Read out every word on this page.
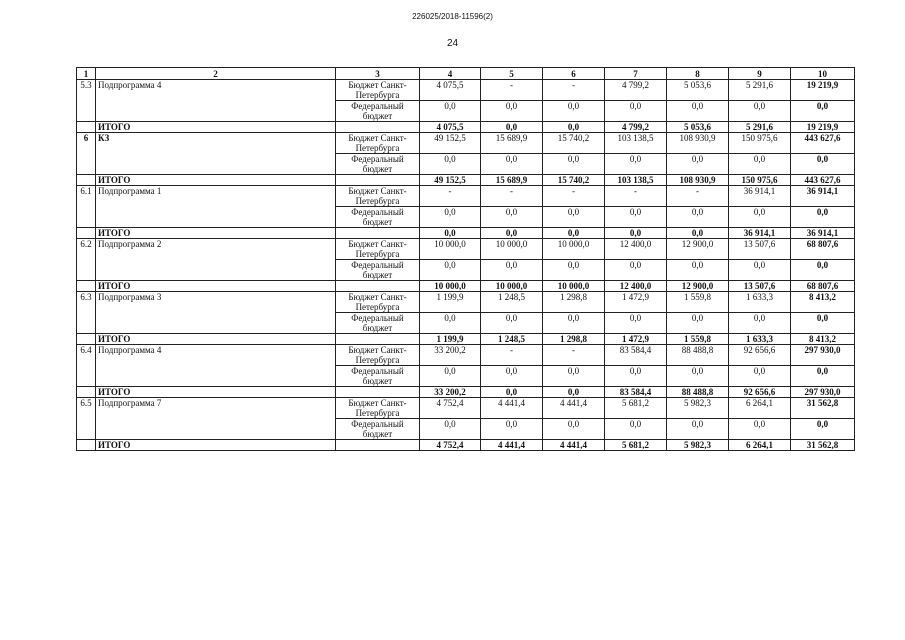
226025/2018-11596(2)
24
1	2	3	4	5	6	7	8	9	10
5.3	Подпрограмма 4	Бюджет Санкт-Петербурга	4 075,5	-	-	4 799,2	5 053,6	5 291,6	19 219,9
		Федеральный бюджет	0,0	0,0	0,0	0,0	0,0	0,0	0,0
	ИТОГО		4 075,5	0,0	0,0	4 799,2	5 053,6	5 291,6	19 219,9
6	КЗ	Бюджет Санкт-Петербурга	49 152,5	15 689,9	15 740,2	103 138,5	108 930,9	150 975,6	443 627,6
		Федеральный бюджет	0,0	0,0	0,0	0,0	0,0	0,0	0,0
	ИТОГО		49 152,5	15 689,9	15 740,2	103 138,5	108 930,9	150 975,6	443 627,6
6.1	Подпрограмма 1	Бюджет Санкт-Петербурга	-	-	-	-	-	36 914,1	36 914,1
		Федеральный бюджет	0,0	0,0	0,0	0,0	0,0	0,0	0,0
	ИТОГО		0,0	0,0	0,0	0,0	0,0	36 914,1	36 914,1
6.2	Подпрограмма 2	Бюджет Санкт-Петербурга	10 000,0	10 000,0	10 000,0	12 400,0	12 900,0	13 507,6	68 807,6
		Федеральный бюджет	0,0	0,0	0,0	0,0	0,0	0,0	0,0
	ИТОГО		10 000,0	10 000,0	10 000,0	12 400,0	12 900,0	13 507,6	68 807,6
6.3	Подпрограмма 3	Бюджет Санкт-Петербурга	1 199,9	1 248,5	1 298,8	1 472,9	1 559,8	1 633,3	8 413,2
		Федеральный бюджет	0,0	0,0	0,0	0,0	0,0	0,0	0,0
	ИТОГО		1 199,9	1 248,5	1 298,8	1 472,9	1 559,8	1 633,3	8 413,2
6.4	Подпрограмма 4	Бюджет Санкт-Петербурга	33 200,2	-	-	83 584,4	88 488,8	92 656,6	297 930,0
		Федеральный бюджет	0,0	0,0	0,0	0,0	0,0	0,0	0,0
	ИТОГО		33 200,2	0,0	0,0	83 584,4	88 488,8	92 656,6	297 930,0
6.5	Подпрограмма 7	Бюджет Санкт-Петербурга	4 752,4	4 441,4	4 441,4	5 681,2	5 982,3	6 264,1	31 562,8
		Федеральный бюджет	0,0	0,0	0,0	0,0	0,0	0,0	0,0
	ИТОГО		4 752,4	4 441,4	4 441,4	5 681,2	5 982,3	6 264,1	31 562,8
